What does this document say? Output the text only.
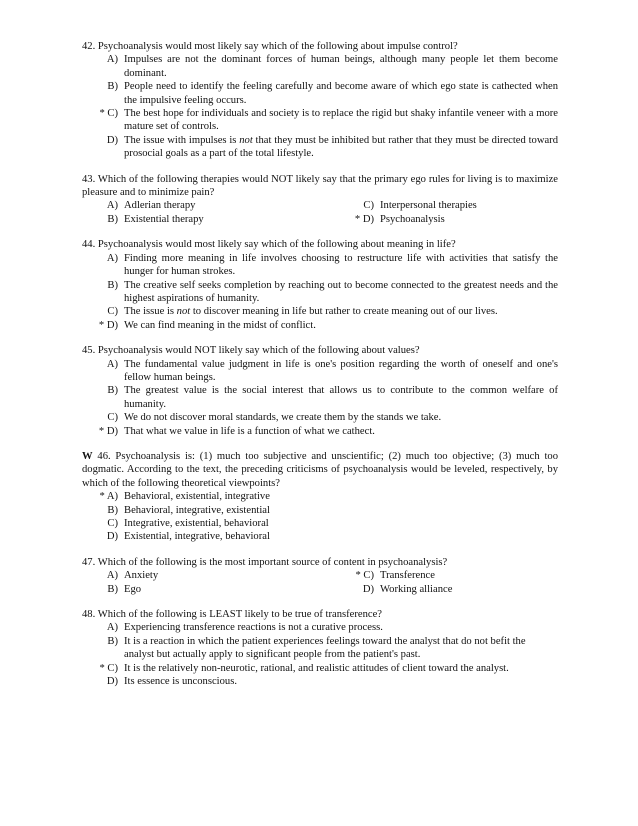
42. Psychoanalysis would most likely say which of the following about impulse control?
A) Impulses are not the dominant forces of human beings, although many people let them become dominant.
B) People need to identify the feeling carefully and become aware of which ego state is cathected when the impulsive feeling occurs.
* C) The best hope for individuals and society is to replace the rigid but shaky infantile veneer with a more mature set of controls.
D) The issue with impulses is not that they must be inhibited but rather that they must be directed toward prosocial goals as a part of the total lifestyle.
43. Which of the following therapies would NOT likely say that the primary ego rules for living is to maximize pleasure and to minimize pain?
A) Adlerian therapy	C) Interpersonal therapies
B) Existential therapy	* D) Psychoanalysis
44. Psychoanalysis would most likely say which of the following about meaning in life?
A) Finding more meaning in life involves choosing to restructure life with activities that satisfy the hunger for human strokes.
B) The creative self seeks completion by reaching out to become connected to the greatest needs and the highest aspirations of humanity.
C) The issue is not to discover meaning in life but rather to create meaning out of our lives.
* D) We can find meaning in the midst of conflict.
45. Psychoanalysis would NOT likely say which of the following about values?
A) The fundamental value judgment in life is one's position regarding the worth of oneself and one's fellow human beings.
B) The greatest value is the social interest that allows us to contribute to the common welfare of humanity.
C) We do not discover moral standards, we create them by the stands we take.
* D) That what we value in life is a function of what we cathect.
W 46. Psychoanalysis is: (1) much too subjective and unscientific; (2) much too objective; (3) much too dogmatic. According to the text, the preceding criticisms of psychoanalysis would be leveled, respectively, by which of the following theoretical viewpoints?
* A) Behavioral, existential, integrative
B) Behavioral, integrative, existential
C) Integrative, existential, behavioral
D) Existential, integrative, behavioral
47. Which of the following is the most important source of content in psychoanalysis?
A) Anxiety	* C) Transference
B) Ego	D) Working alliance
48. Which of the following is LEAST likely to be true of transference?
A) Experiencing transference reactions is not a curative process.
B) It is a reaction in which the patient experiences feelings toward the analyst that do not befit the analyst but actually apply to significant people from the patient's past.
* C) It is the relatively non-neurotic, rational, and realistic attitudes of client toward the analyst.
D) Its essence is unconscious.
